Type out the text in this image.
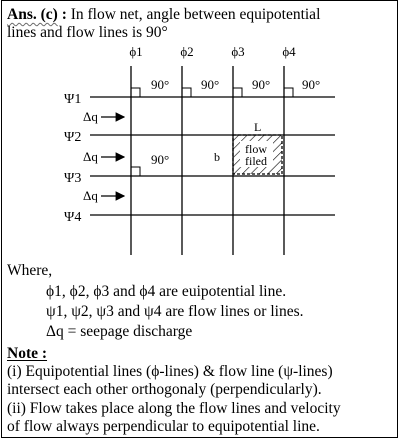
Ans. (c) : In flow net, angle between equipotential
lines and flow lines is 90°
flow
filed
ϕ1	ϕ2	ϕ3	ϕ4
Ψ1
Ψ2
Ψ3
Ψ4
90° 90°	90° 90°
90°
Δq
Δq
Δq
L
b
Where,
ϕ1, ϕ2, ϕ3 and ϕ4 are euipotential line.
ψ1, ψ2, ψ3 and ψ4 are flow lines or lines.
Δq = seepage discharge
Note :
(i) Equipotential lines (ϕ-lines) & flow line (ψ-lines)
intersect each other orthogonaly (perpendicularly).
(ii) Flow takes place along the flow lines and velocity
of flow always perpendicular to equipotential line.
